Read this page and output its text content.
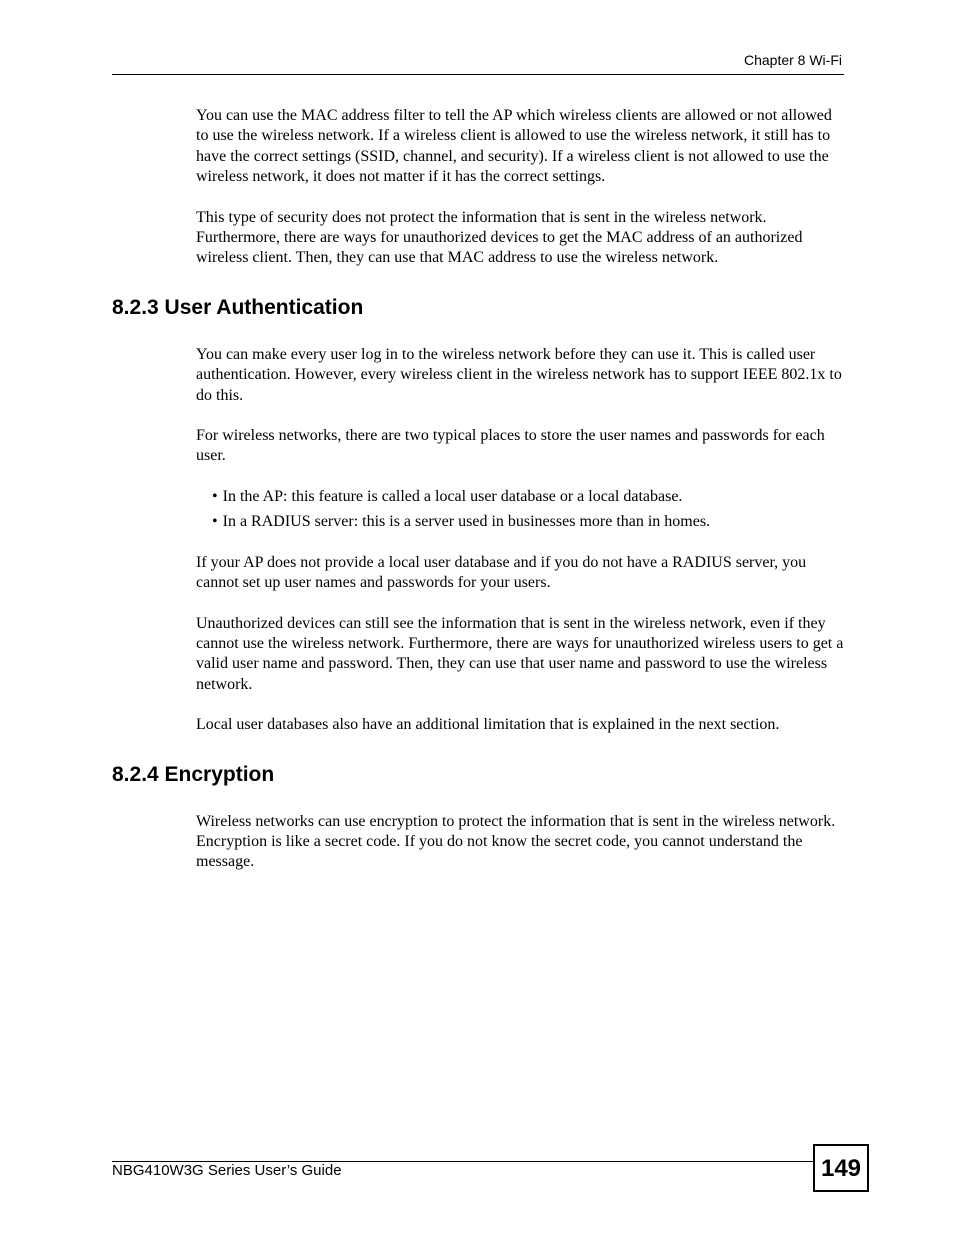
Chapter 8 Wi-Fi

You can use the MAC address filter to tell the AP which wireless clients are allowed or not allowed to use the wireless network. If a wireless client is allowed to use the wireless network, it still has to have the correct settings (SSID, channel, and security). If a wireless client is not allowed to use the wireless network, it does not matter if it has the correct settings.

This type of security does not protect the information that is sent in the wireless network. Furthermore, there are ways for unauthorized devices to get the MAC address of an authorized wireless client. Then, they can use that MAC address to use the wireless network.

8.2.3 User Authentication

You can make every user log in to the wireless network before they can use it. This is called user authentication. However, every wireless client in the wireless network has to support IEEE 802.1x to do this.

For wireless networks, there are two typical places to store the user names and passwords for each user.

• In the AP: this feature is called a local user database or a local database.
• In a RADIUS server: this is a server used in businesses more than in homes.

If your AP does not provide a local user database and if you do not have a RADIUS server, you cannot set up user names and passwords for your users.

Unauthorized devices can still see the information that is sent in the wireless network, even if they cannot use the wireless network. Furthermore, there are ways for unauthorized wireless users to get a valid user name and password. Then, they can use that user name and password to use the wireless network.

Local user databases also have an additional limitation that is explained in the next section.

8.2.4 Encryption

Wireless networks can use encryption to protect the information that is sent in the wireless network. Encryption is like a secret code. If you do not know the secret code, you cannot understand the message.

NBG410W3G Series User’s Guide	149
